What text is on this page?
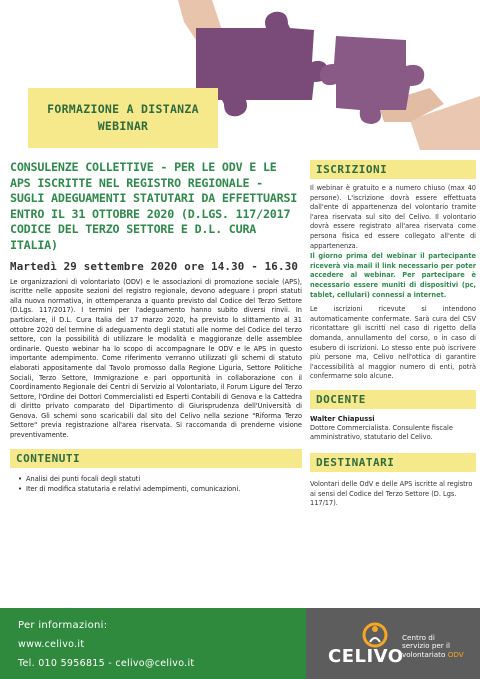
FORMAZIONE A DISTANZA
WEBINAR
CONSULENZE COLLETTIVE - PER LE ODV E LE APS ISCRITTE NEL REGISTRO REGIONALE - SUGLI ADEGUAMENTI STATUTARI DA EFFETTUARSI ENTRO IL 31 OTTOBRE 2020 (D.LGS. 117/2017 CODICE DEL TERZO SETTORE E D.L. CURA ITALIA)
Martedì 29 settembre 2020 ore 14.30 - 16.30
Le organizzazioni di volontariato (ODV) e le associazioni di promozione sociale (APS), iscritte nelle apposite sezioni del registro regionale, devono adeguare i propri statuti alla nuova normativa, in ottemperanza a quanto previsto dal Codice del Terzo Settore (D.Lgs. 117/2017). I termini per l'adeguamento hanno subito diversi rinvii. In particolare, il D.L. Cura Italia del 17 marzo 2020, ha previsto lo slittamento al 31 ottobre 2020 del termine di adeguamento degli statuti alle norme del Codice del terzo settore, con la possibilità di utilizzare le modalità e maggioranze delle assemblee ordinarie. Questo webinar ha lo scopo di accompagnare le ODV e le APS in questo importante adempimento. Come riferimento verranno utilizzati gli schemi di statuto elaborati appositamente dal Tavolo promosso dalla Regione Liguria, Settore Politiche Sociali, Terzo Settore, Immigrazione e pari opportunità in collaborazione con il Coordinamento Regionale dei Centri di Servizio al Volontariato, il Forum Ligure del Terzo Settore, l'Ordine dei Dottori Commercialisti ed Esperti Contabili di Genova e la Cattedra di diritto privato comparato del Dipartimento di Giurisprudenza dell'Università di Genova. Gli schemi sono scaricabili dal sito del Celivo nella sezione "Riforma Terzo Settore" previa registrazione all'area riservata. Si raccomanda di prenderne visione preventivamente.
CONTENUTI
• Analisi dei punti focali degli statuti
• Iter di modifica statutaria e relativi adempimenti, comunicazioni.
ISCRIZIONI
Il webinar è gratuito e a numero chiuso (max 40 persone). L'iscrizione dovrà essere effettuata dall'ente di appartenenza del volontario tramite l'area riservata sul sito del Celivo. Il volontario dovrà essere registrato all'area riservata come persona fisica ed essere collegato all'ente di appartenenza.
Il giorno prima del webinar il partecipante riceverà via mail il link necessario per poter accedere al webinar. Per partecipare è necessario essere muniti di dispositivi (pc, tablet, cellulari) connessi a internet.
Le iscrizioni ricevute si intendono automaticamente confermate. Sarà cura del CSV ricontattare gli iscritti nel caso di rigetto della domanda, annullamento del corso, o in caso di esubero di iscrizioni. Lo stesso ente può iscrivere più persone ma, Celivo nell'ottica di garantire l'accessibilità al maggior numero di enti, potrà confermarne solo alcune.
DOCENTE
Walter Chiapussi
Dottore Commercialista. Consulente fiscale amministrativo, statutario del Celivo.
DESTINATARI
Volontari delle OdV e delle APS iscritte al registro ai sensi del Codice del Terzo Settore (D. Lgs. 117/17).
Per informazioni:
www.celivo.it
Tel. 010 5956815 - celivo@celivo.it	CELIVO
Centro di
servizio per il
volontariato ODV
